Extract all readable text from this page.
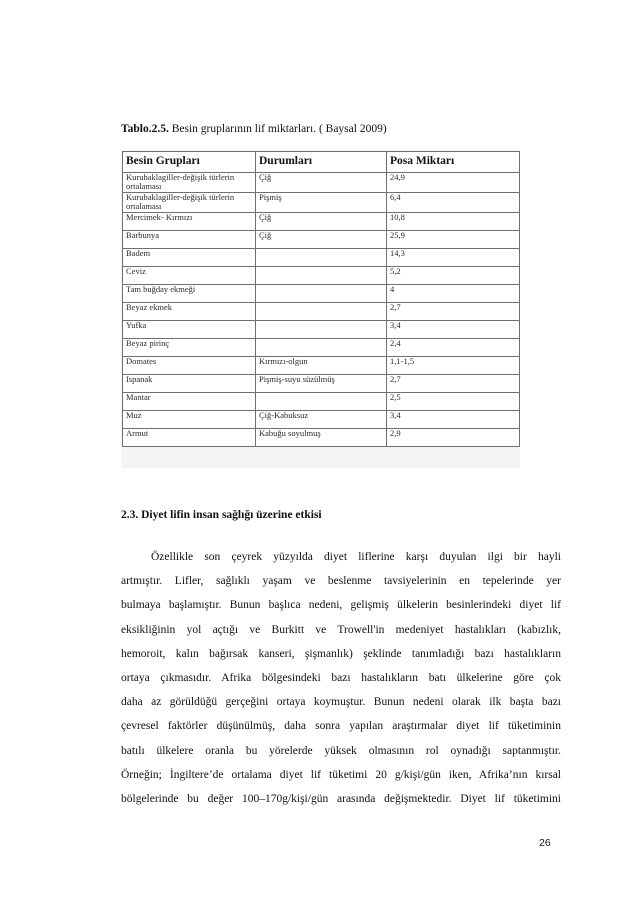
Tablo.2.5. Besin gruplarının lif miktarları. ( Baysal 2009)
Besin Grupları	Durumları	Posa Miktarı
Kurubaklagiller-değişik türlerin ortalaması	Çiğ	24,9
Kurubaklagiller-değişik türlerin ortalaması	Pişmiş	6,4
Mercimek- Kırmızı	Çiğ	10,8
Barbunya	Çiğ	25,9
Badem		14,3
Ceviz		5,2
Tam buğday ekmeği		4
Beyaz ekmek		2,7
Yufka		3,4
Beyaz pirinç		2,4
Domates	Kırmızı-olgun	1,1-1,5
Ispanak	Pişmiş-suyu süzülmüş	2,7
Mantar		2,5
Muz	Çiğ-Kabuksuz	3,4
Armut	Kabuğu soyulmuş	2,9
2.3. Diyet lifin insan sağlığı üzerine etkisi
Özellikle son çeyrek yüzyılda diyet liflerine karşı duyulan ilgi bir hayli
artmıştır. Lifler, sağlıklı yaşam ve beslenme tavsiyelerinin en tepelerinde yer
bulmaya başlamıştır. Bunun başlıca nedeni, gelişmiş ülkelerin besinlerindeki diyet lif
eksikliğinin yol açtığı ve Burkitt ve Trowell'in medeniyet hastalıkları (kabızlık,
hemoroit, kalın bağırsak kanseri, şişmanlık) şeklinde tanımladığı bazı hastalıkların
ortaya çıkmasıdır. Afrika bölgesindeki bazı hastalıkların batı ülkelerine göre çok
daha az görüldüğü gerçeğini ortaya koymuştur. Bunun nedeni olarak ilk başta bazı
çevresel faktörler düşünülmüş, daha sonra yapılan araştırmalar diyet lif tüketiminin
batılı ülkelere oranla bu yörelerde yüksek olmasının rol oynadığı saptanmıştır.
Örneğin; İngiltere’de ortalama diyet lif tüketimi 20 g/kişi/gün iken, Afrika’nın kırsal
bölgelerinde bu değer 100–170g/kişi/gün arasında değişmektedir. Diyet lif tüketimini
26
